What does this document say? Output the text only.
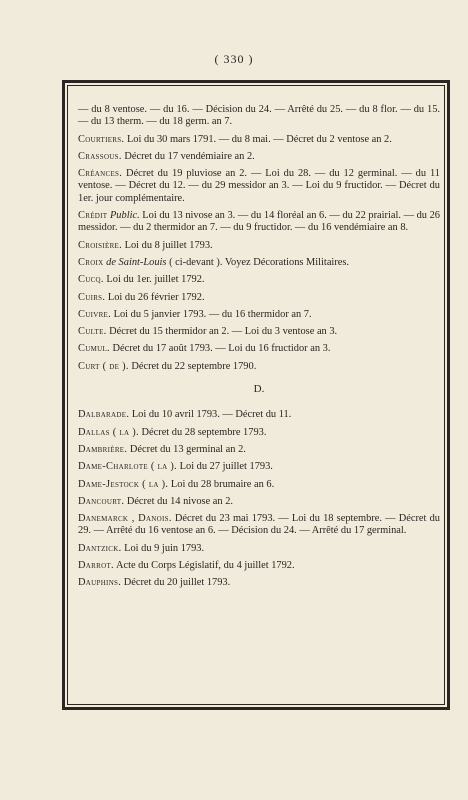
( 330 )
— du 8 ventose. — du 16. — Décision du 24. — Arrêté du 25. — du 8 flor. — du 15. — du 13 therm. — du 18 germ. an 7.
Courtiers. Loi du 30 mars 1791. — du 8 mai. — Décret du 2 ventose an 2.
Crassous. Décret du 17 vendémiaire an 2.
Créances. Décret du 19 pluviose an 2. — Loi du 28. — du 12 germinal. — du 11 ventose. — Décret du 12. — du 29 messidor an 3. — Loi du 9 fructidor. — Décret du 1er. jour complémentaire.
Crédit Public. Loi du 13 nivose an 3. — du 14 floréal an 6. — du 22 prairial. — du 26 messidor. — du 2 thermidor an 7. — du 9 fructidor. — du 16 vendémiaire an 8.
Croisière. Loi du 8 juillet 1793.
Croix de Saint-Louis ( ci-devant ). Voyez Décorations Militaires.
Cucq. Loi du 1er. juillet 1792.
Cuirs. Loi du 26 février 1792.
Cuivre. Loi du 5 janvier 1793. — du 16 thermidor an 7.
Culte. Décret du 15 thermidor an 2. — Loi du 3 ventose an 3.
Cumul. Décret du 17 août 1793. — Loi du 16 fructidor an 3.
Curt ( de ). Décret du 22 septembre 1790.
D.
Dalbarade. Loi du 10 avril 1793. — Décret du 11.
Dallas ( la ). Décret du 28 septembre 1793.
Dambrière. Décret du 13 germinal an 2.
Dame-Charlote ( la ). Loi du 27 juillet 1793.
Dame-Jestock ( la ). Loi du 28 brumaire an 6.
Dancourt. Décret du 14 nivose an 2.
Danemarck , Danois. Décret du 23 mai 1793. — Loi du 18 septembre. — Décret du 29. — Arrêté du 16 ventose an 6. — Décision du 24. — Arrêté du 17 germinal.
Dantzick. Loi du 9 juin 1793.
Darrot. Acte du Corps Législatif, du 4 juillet 1792.
Dauphins. Décret du 20 juillet 1793.
